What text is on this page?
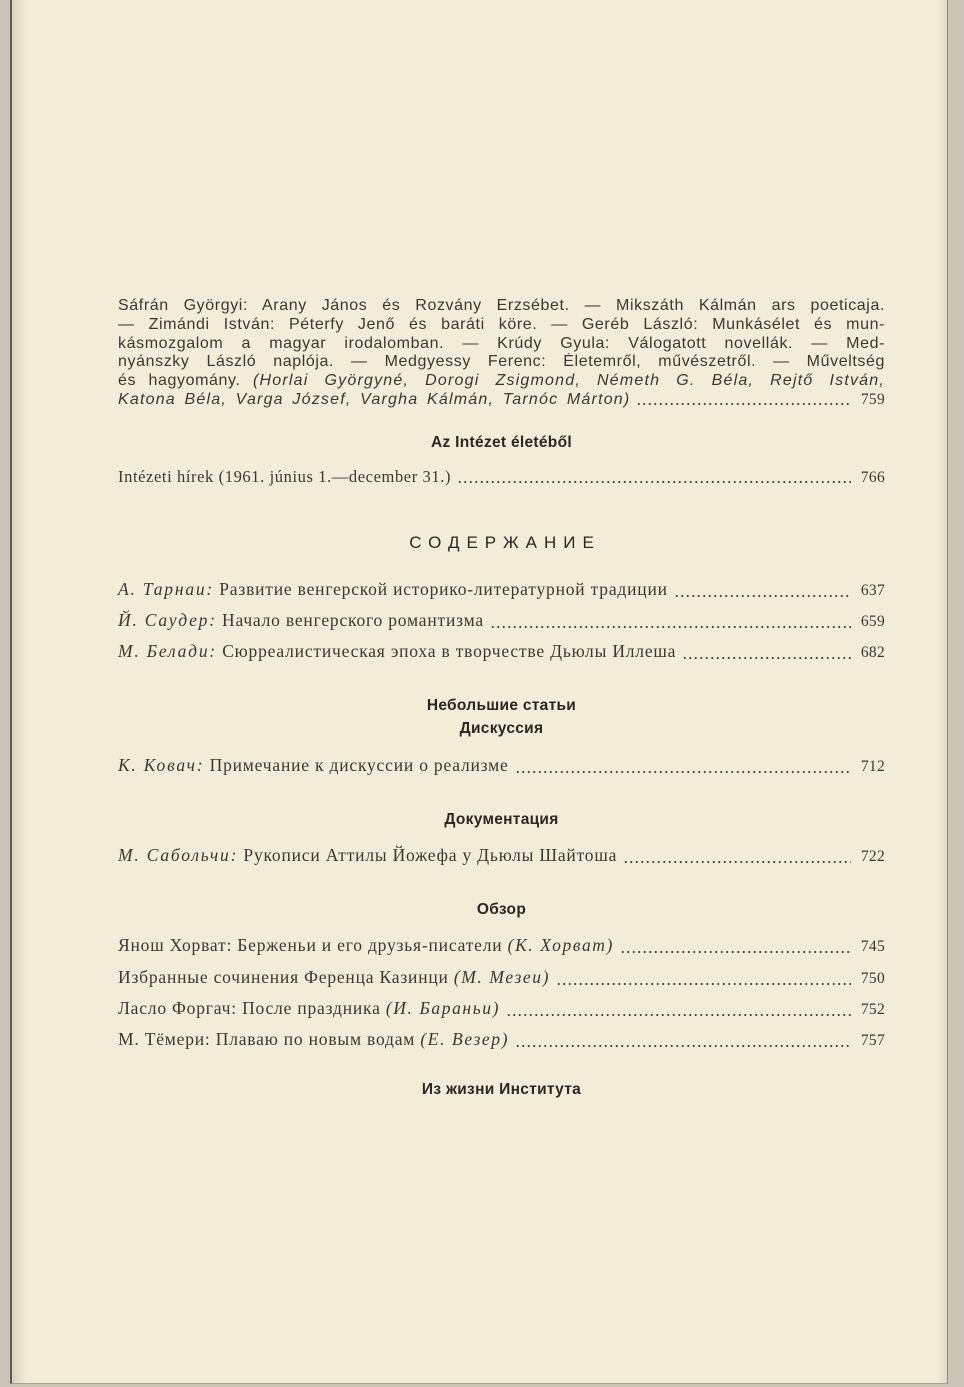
Sáfrán Györgyi: Arany János és Rozvány Erzsébet. — Mikszáth Kálmán ars poeticaja.
— Zimándi István: Péterfy Jenő és baráti köre. — Geréb László: Munkásélet és mun-
kásmozgalom a magyar irodalomban. — Krúdy Gyula: Válogatott novellák. — Med-
nyánszky László naplója. — Medgyessy Ferenc: Életemről, művészetről. — Műveltség
és hagyomány. (Horlai Györgyné, Dorogi Zsigmond, Németh G. Béla, Rejtő István,
Katona Béla, Varga József, Vargha Kálmán, Tarnóc Márton)	759
Az Intézet életéből
Intézeti hírek (1961. június 1.—december 31.)	766
СОДЕРЖАНИЕ
А. Тарнаи: Развитие венгерской историко-литературной традиции	637
Й. Саудер: Начало венгерского романтизма	659
М. Белади: Сюрреалистическая эпоха в творчестве Дьюлы Иллеша	682
Небольшие статьи
Дискуссия
К. Ковач: Примечание к дискуссии о реализме	712
Документация
М. Сабольчи: Рукописи Аттилы Йожефа у Дьюлы Шайтоша	722
Обзор
Янош Хорват: Берженьи и его друзья-писатели (К. Хорват)	745
Избранные сочинения Ференца Казинци (М. Мезеи)	750
Ласло Форгач: После праздника (И. Бараньи)	752
М. Тёмери: Плаваю по новым водам (Е. Везер)	757
Из жизни Института
